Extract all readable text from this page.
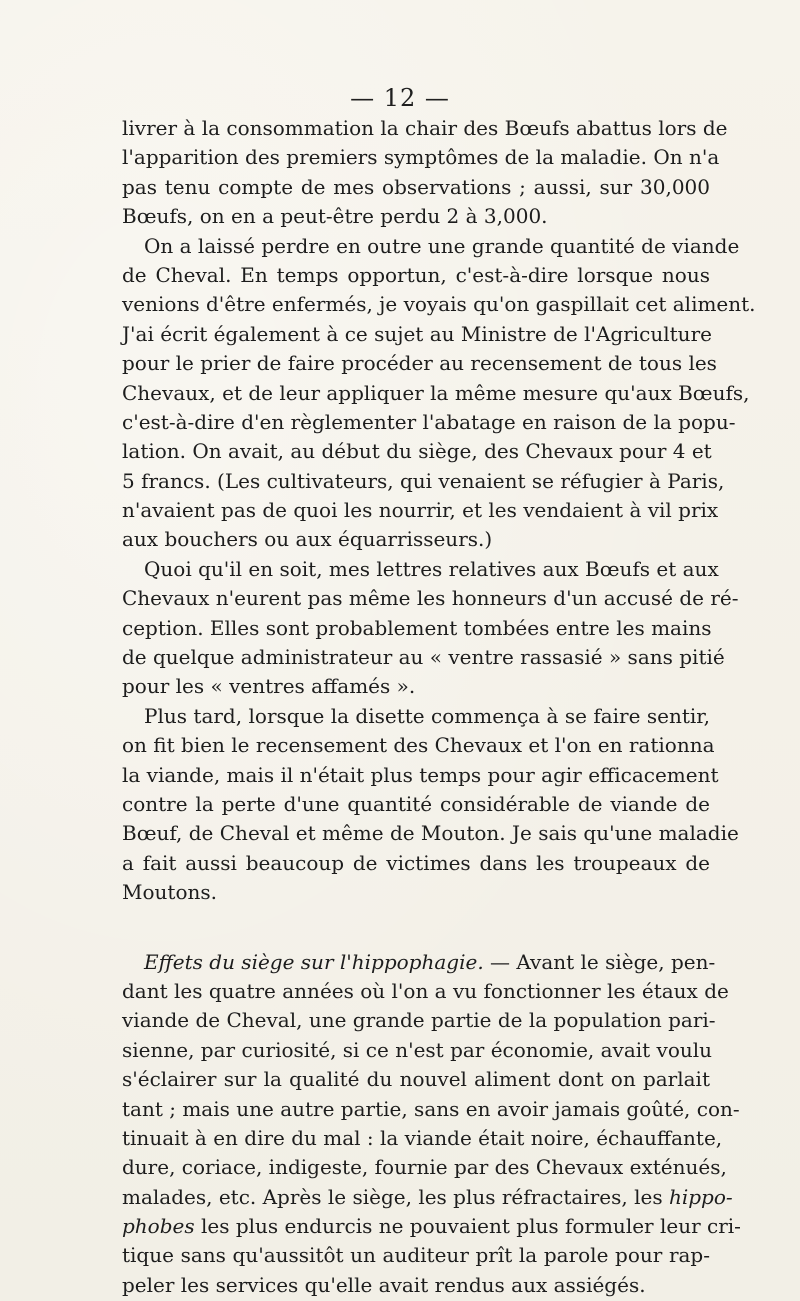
— 12 —
livrer à la consommation la chair des Bœufs abattus lors de
l'apparition des premiers symptômes de la maladie. On n'a
pas tenu compte de mes observations ; aussi, sur 30,000
Bœufs, on en a peut-être perdu 2 à 3,000.
On a laissé perdre en outre une grande quantité de viande
de Cheval. En temps opportun, c'est-à-dire lorsque nous
venions d'être enfermés, je voyais qu'on gaspillait cet aliment.
J'ai écrit également à ce sujet au Ministre de l'Agriculture
pour le prier de faire procéder au recensement de tous les
Chevaux, et de leur appliquer la même mesure qu'aux Bœufs,
c'est-à-dire d'en règlementer l'abatage en raison de la popu-
lation. On avait, au début du siège, des Chevaux pour 4 et
5 francs. (Les cultivateurs, qui venaient se réfugier à Paris,
n'avaient pas de quoi les nourrir, et les vendaient à vil prix
aux bouchers ou aux équarrisseurs.)
Quoi qu'il en soit, mes lettres relatives aux Bœufs et aux
Chevaux n'eurent pas même les honneurs d'un accusé de ré-
ception. Elles sont probablement tombées entre les mains
de quelque administrateur au « ventre rassasié » sans pitié
pour les « ventres affamés ».
Plus tard, lorsque la disette commença à se faire sentir,
on fit bien le recensement des Chevaux et l'on en rationna
la viande, mais il n'était plus temps pour agir efficacement
contre la perte d'une quantité considérable de viande de
Bœuf, de Cheval et même de Mouton. Je sais qu'une maladie
a fait aussi beaucoup de victimes dans les troupeaux de
Moutons.
Effets du siège sur l'hippophagie. — Avant le siège, pen-
dant les quatre années où l'on a vu fonctionner les étaux de
viande de Cheval, une grande partie de la population pari-
sienne, par curiosité, si ce n'est par économie, avait voulu
s'éclairer sur la qualité du nouvel aliment dont on parlait
tant ; mais une autre partie, sans en avoir jamais goûté, con-
tinuait à en dire du mal : la viande était noire, échauffante,
dure, coriace, indigeste, fournie par des Chevaux exténués,
malades, etc. Après le siège, les plus réfractaires, les hippo-
phobes les plus endurcis ne pouvaient plus formuler leur cri-
tique sans qu'aussitôt un auditeur prît la parole pour rap-
peler les services qu'elle avait rendus aux assiégés.
